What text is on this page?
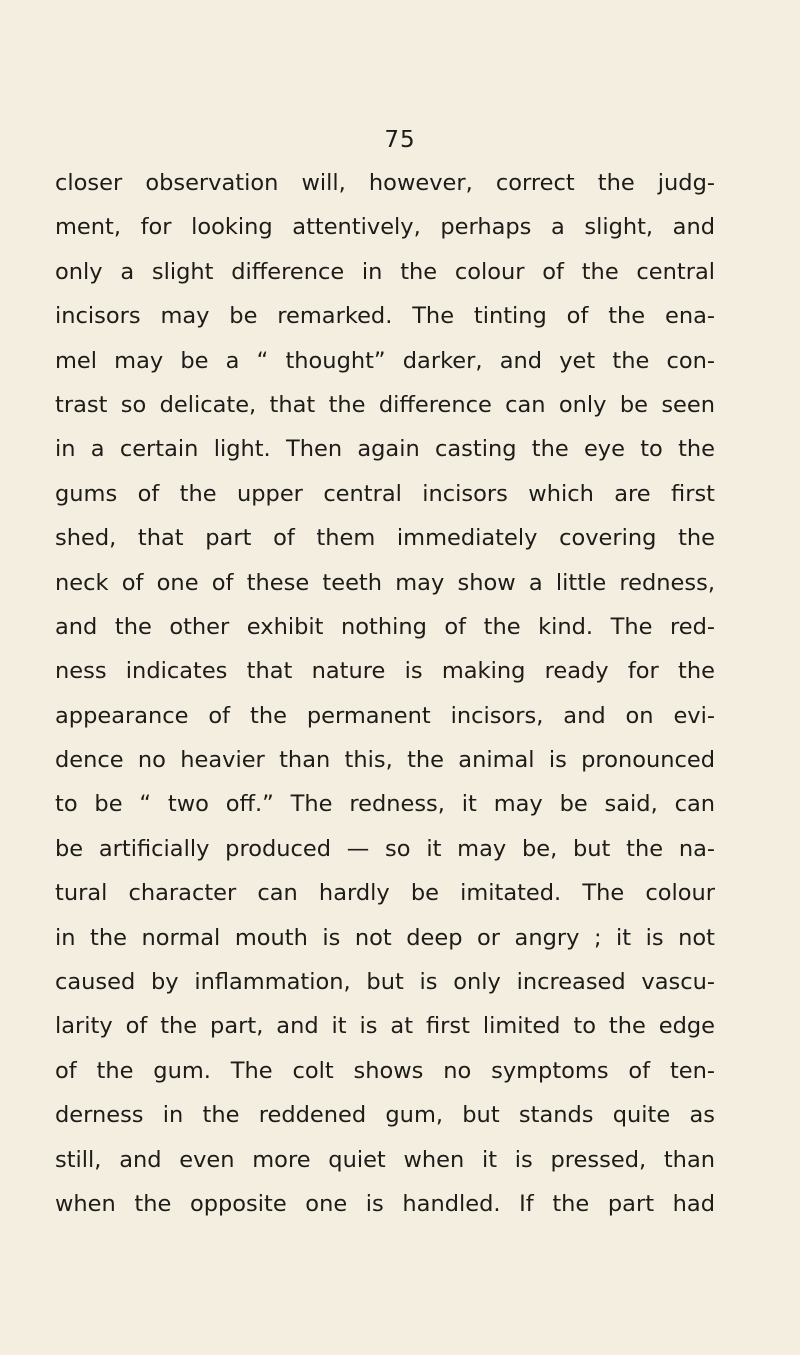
75
closer observation will, however, correct the judg-
ment, for looking attentively, perhaps a slight, and
only a slight difference in the colour of the central
incisors may be remarked. The tinting of the ena-
mel may be a “ thought” darker, and yet the con-
trast so delicate, that the difference can only be seen
in a certain light. Then again casting the eye to the
gums of the upper central incisors which are first
shed, that part of them immediately covering the
neck of one of these teeth may show a little redness,
and the other exhibit nothing of the kind. The red-
ness indicates that nature is making ready for the
appearance of the permanent incisors, and on evi-
dence no heavier than this, the animal is pronounced
to be “ two off.” The redness, it may be said, can
be artificially produced — so it may be, but the na-
tural character can hardly be imitated. The colour
in the normal mouth is not deep or angry ; it is not
caused by inflammation, but is only increased vascu-
larity of the part, and it is at first limited to the edge
of the gum. The colt shows no symptoms of ten-
derness in the reddened gum, but stands quite as
still, and even more quiet when it is pressed, than
when the opposite one is handled. If the part had
